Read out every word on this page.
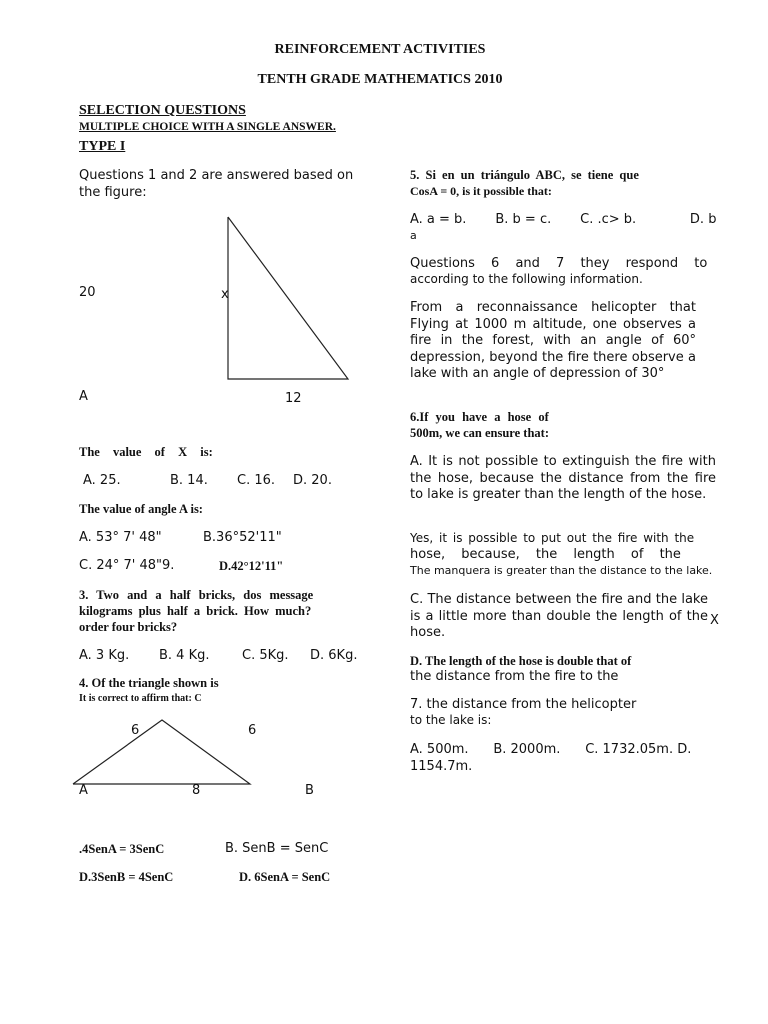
REINFORCEMENT ACTIVITIES
TENTH GRADE MATHEMATICS 2010
SELECTION QUESTIONS
MULTIPLE CHOICE WITH A SINGLE ANSWER.
TYPE I
Questions 1 and 2 are answered based on the figure:
20	x
A	12
The value of X is:
A. 25.	B. 14. C. 16. D. 20.
The value of angle A is:
A. 53° 7' 48"	B.36°52'11"
C. 24° 7' 48"9.	D.42°12'11"
3. Two and a half bricks, dos message
kilograms plus half a brick. How much?
order four bricks?
A. 3 Kg. B. 4 Kg.	C. 5Kg. D. 6Kg.
4. Of the triangle shown is
It is correct to affirm that: C
6	6
A	8	B
.4SenA = 3SenC	B. SenB = SenC
D.3SenB = 4SenC	D. 6SenA = SenC
5. Si en un triángulo ABC, se tiene que
CosA = 0, is it possible that:
A. a = b.       B. b = c.       C. .c> b.             D. b
a
Questions 6 and 7 they respond to
according to the following information.
From a reconnaissance helicopter that Flying at 1000 m altitude, one observes a fire in the forest, with an angle of 60° depression, beyond the fire there observe a lake with an angle of depression of 30°
6.If you have a hose of
500m, we can ensure that:
A. It is not possible to extinguish the fire with the hose, because the distance from the fire to lake is greater than the length of the hose.
Yes, it is possible to put out the fire with the
hose, because, the length of the
The manquera is greater than the distance to the lake.
C. The distance between the fire and the lake is a little more than double the length of the hose.
X
D. The length of the hose is double that of
the distance from the fire to the
7. the distance from the helicopter
to the lake is:
A. 500m.      B. 2000m.      C. 1732.05m. D. 1154.7m.
